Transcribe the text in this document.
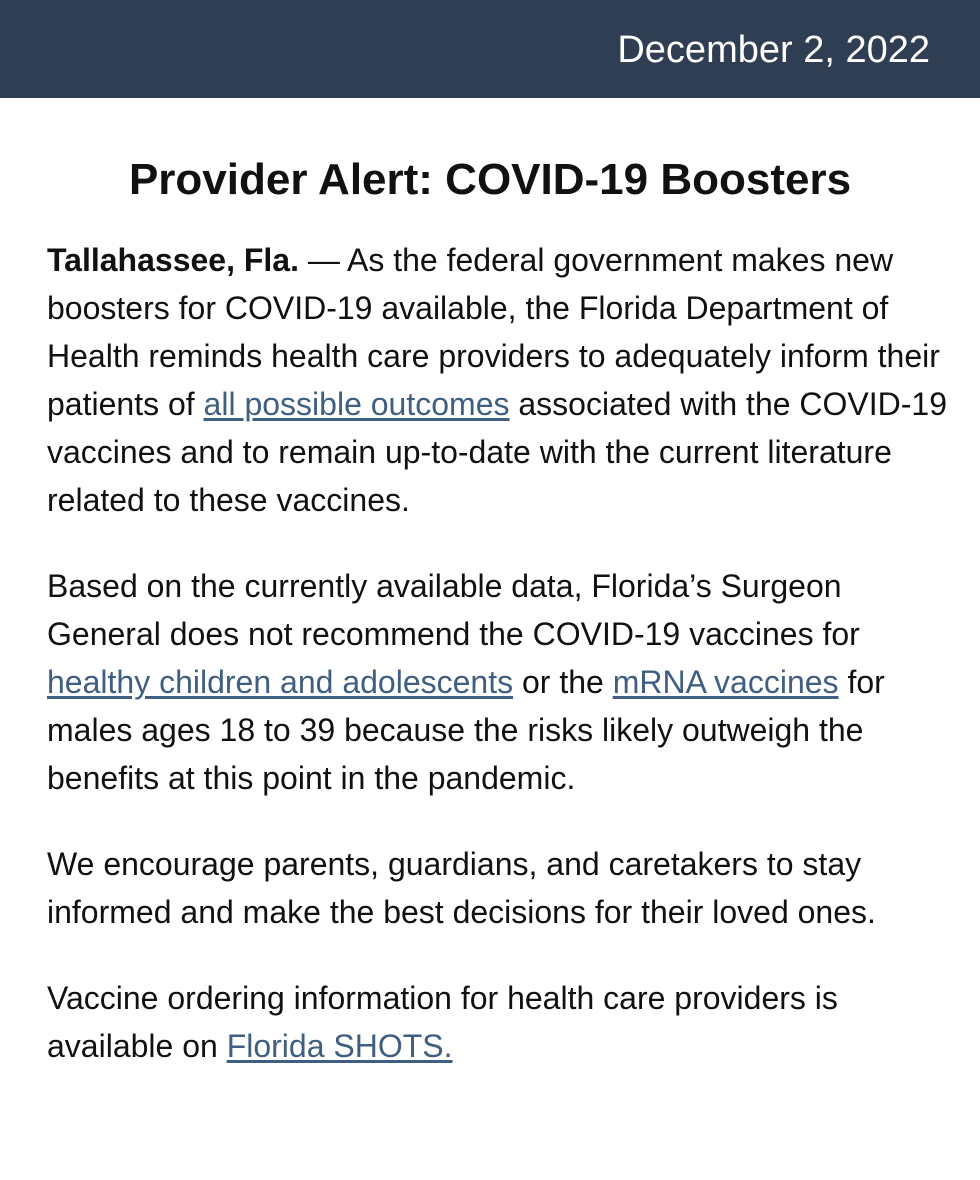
December 2, 2022
Provider Alert: COVID-19 Boosters

Tallahassee, Fla. — As the federal government makes new boosters for COVID-19 available, the Florida Department of Health reminds health care providers to adequately inform their patients of all possible outcomes associated with the COVID-19 vaccines and to remain up-to-date with the current literature related to these vaccines.

Based on the currently available data, Florida’s Surgeon General does not recommend the COVID-19 vaccines for healthy children and adolescents or the mRNA vaccines for males ages 18 to 39 because the risks likely outweigh the benefits at this point in the pandemic.

We encourage parents, guardians, and caretakers to stay informed and make the best decisions for their loved ones.

Vaccine ordering information for health care providers is available on Florida SHOTS.
